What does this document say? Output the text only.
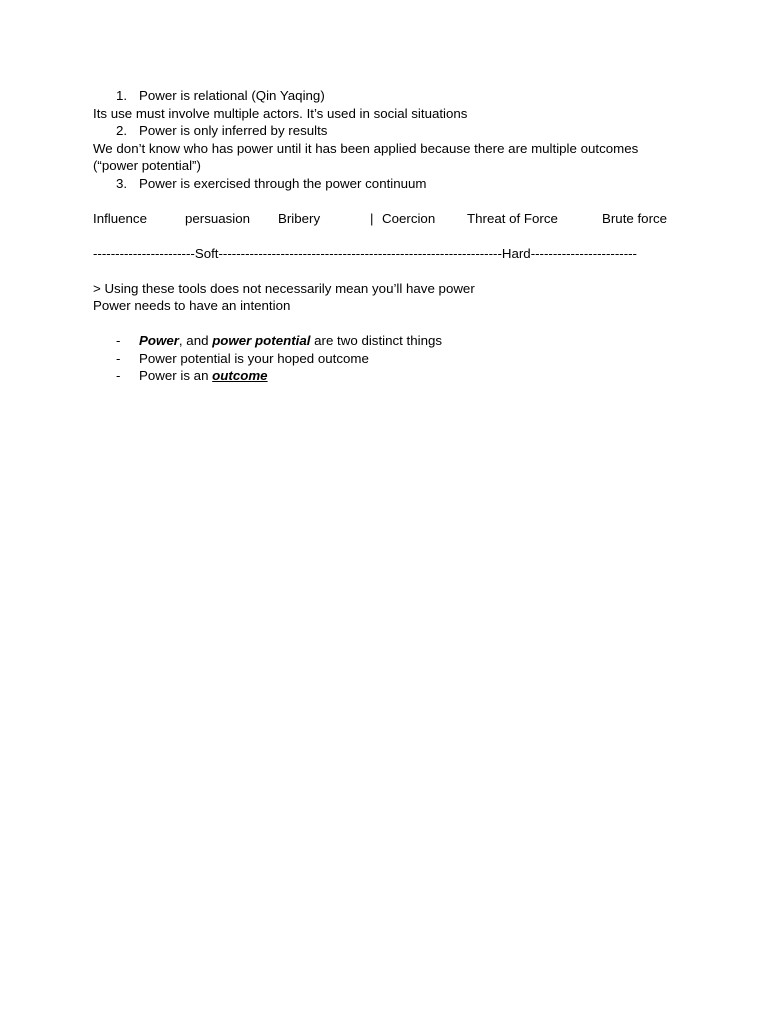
1. Power is relational (Qin Yaqing)
Its use must involve multiple actors. It’s used in social situations
2. Power is only inferred by results
We don’t know who has power until it has been applied because there are multiple outcomes
(“power potential”)
3. Power is exercised through the power continuum
Influence	persuasion Bribery	| Coercion Threat of Force	Brute force
-----------------------Soft----------------------------------------------------------------Hard------------------------
> Using these tools does not necessarily mean you’ll have power
Power needs to have an intention
- Power, and power potential are two distinct things
- Power potential is your hoped outcome
- Power is an outcome
